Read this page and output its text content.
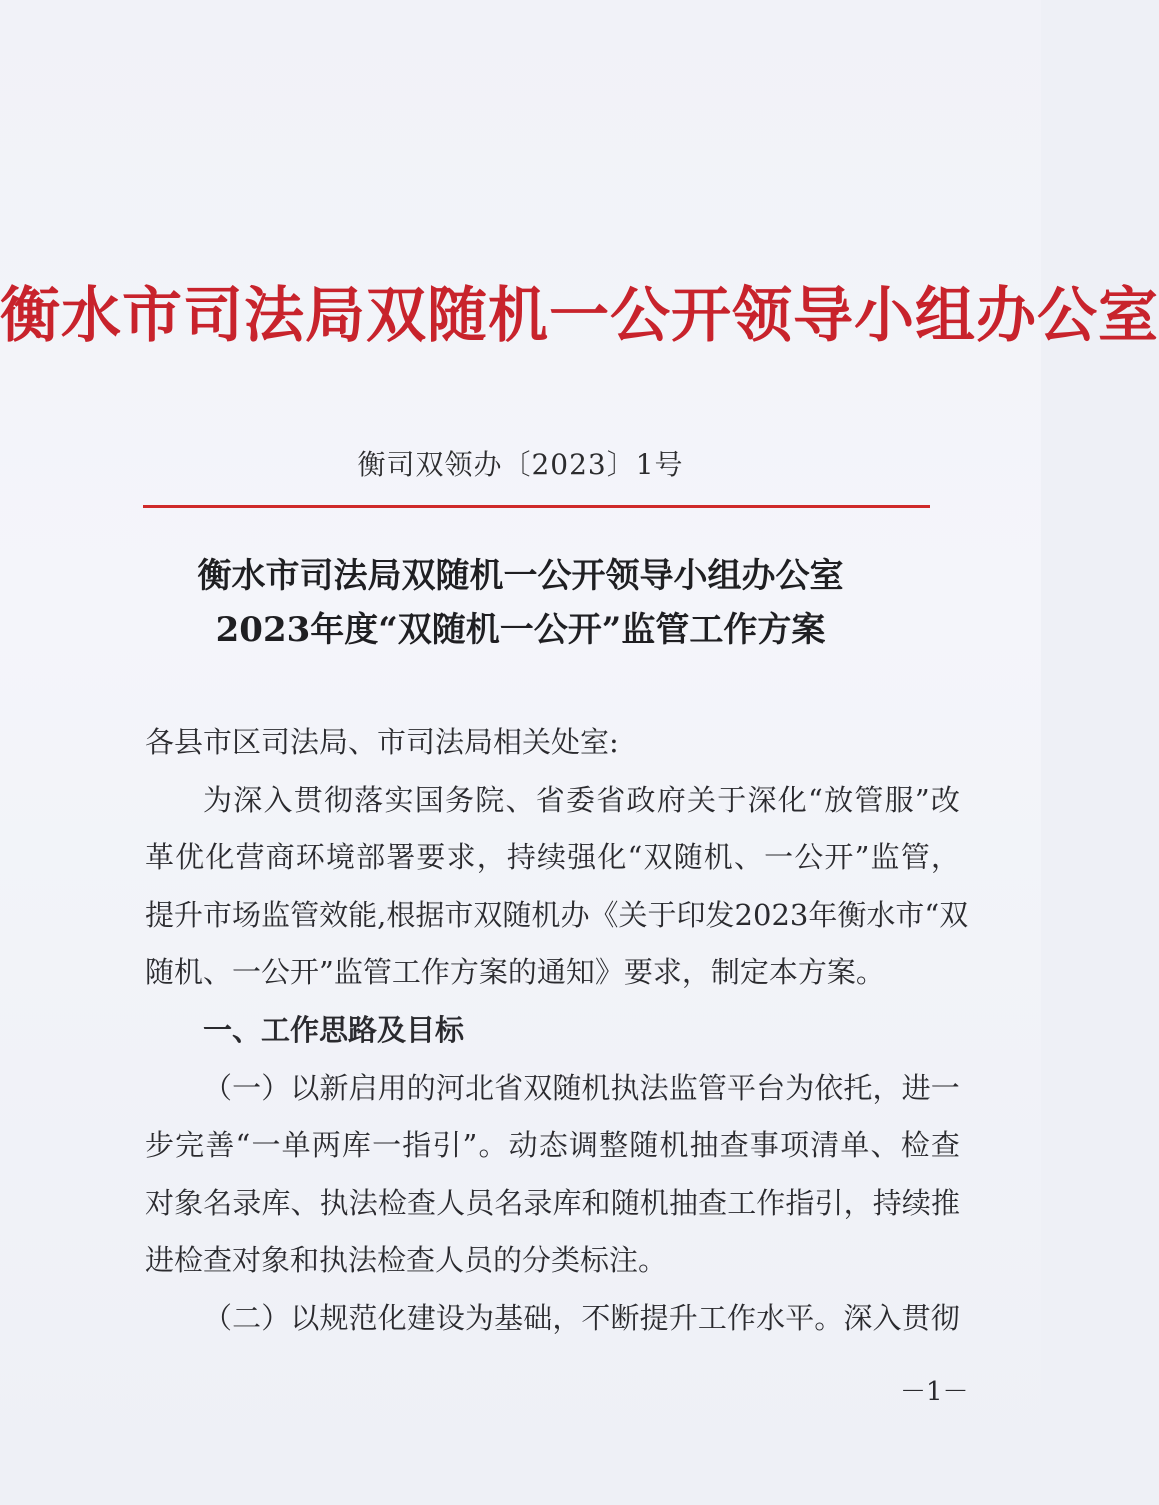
衡水市司法局双随机一公开领导小组办公室
衡司双领办〔2023〕1号
衡水市司法局双随机一公开领导小组办公室
2023年度“双随机一公开”监管工作方案
各县市区司法局、市司法局相关处室:
为 深 入 贯 彻 落 实 国 务 院 、 省 委 省 政 府 关 于 深 化 “ 放 管 服 ” 改
革 优 化 营 商 环 境 部 署 要 求 ， 持 续 强 化 “ 双 随 机 、 一 公 开 ” 监 管 ，
提 升 市 场 监 管 效 能 , 根 据 市 双 随 机 办 《 关 于 印 发 2 0 2 3 年 衡 水 市 “ 双
随机、一公开”监管工作方案的通知》要求，制定本方案。
一、工作思路及目标
（ 一 ） 以 新 启 用 的 河 北 省 双 随 机 执 法 监 管 平 台 为 依 托 ， 进 一
步 完 善 “ 一 单 两 库 一 指 引 ” 。 动 态 调 整 随 机 抽 查 事 项 清 单 、 检 查
对 象 名 录 库 、 执 法 检 查 人 员 名 录 库 和 随 机 抽 查 工 作 指 引 ， 持 续 推
进检查对象和执法检查人员的分类标注。
（ 二 ） 以 规 范 化 建 设 为 基 础 ， 不 断 提 升 工 作 水 平 。 深 入 贯 彻
－1－
